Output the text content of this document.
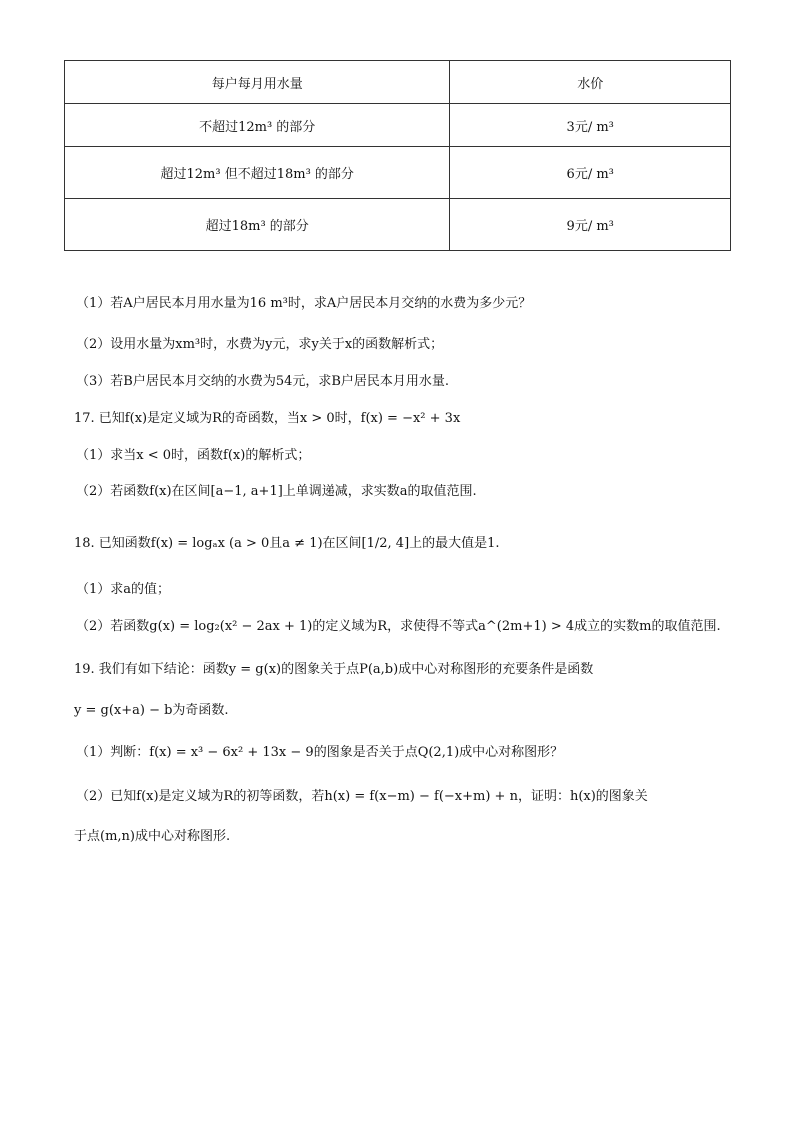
每户每月用水量	水价
不超过12m³ 的部分	3元/ m³
超过12m³ 但不超过18m³ 的部分	6元/ m³
超过18m³ 的部分	9元/ m³
（1）若A户居民本月用水量为16 m³时，求A户居民本月交纳的水费为多少元？
（2）设用水量为xm³时，水费为y元，求y关于x的函数解析式；
（3）若B户居民本月交纳的水费为54元，求B户居民本月用水量.
17. 已知f(x)是定义域为R的奇函数，当x > 0时，f(x) = −x² + 3x
（1）求当x < 0时，函数f(x)的解析式；
（2）若函数f(x)在区间[a−1, a+1]上单调递减，求实数a的取值范围.
18. 已知函数f(x) = logₐx (a > 0且a ≠ 1)在区间[1/2, 4]上的最大值是1.
（1）求a的值；
（2）若函数g(x) = log₂(x² − 2ax + 1)的定义域为R，求使得不等式a^(2m+1) > 4成立的实数m的取值范围.
19. 我们有如下结论：函数y = g(x)的图象关于点P(a,b)成中心对称图形的充要条件是函数
y = g(x+a) − b为奇函数.
（1）判断：f(x) = x³ − 6x² + 13x − 9的图象是否关于点Q(2,1)成中心对称图形？
（2）已知f(x)是定义域为R的初等函数，若h(x) = f(x−m) − f(−x+m) + n，证明：h(x)的图象关
于点(m,n)成中心对称图形.
